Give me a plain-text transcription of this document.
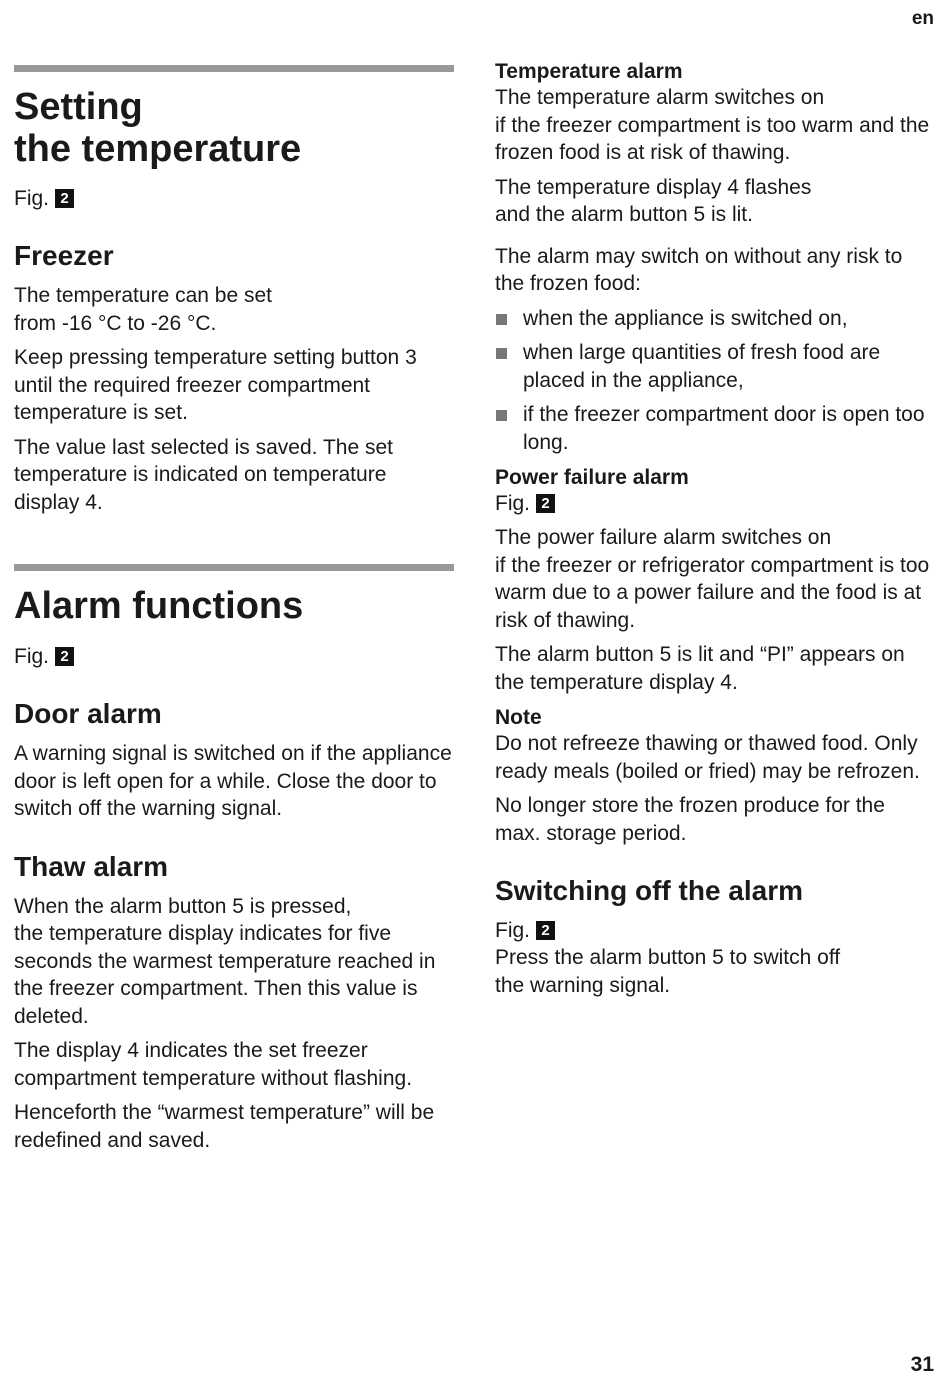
en
Setting
the temperature
Fig. 2
Freezer

The temperature can be set
from -16 °C to -26 °C.

Keep pressing temperature setting button 3 until the required freezer compartment temperature is set.

The value last selected is saved. The set temperature is indicated on temperature display 4.

Alarm functions
Fig. 2
Door alarm

A warning signal is switched on if the appliance door is left open for a while. Close the door to switch off the warning signal.

Thaw alarm

When the alarm button 5 is pressed,
the temperature display indicates for five seconds the warmest temperature reached in the freezer compartment. Then this value is deleted.

The display 4 indicates the set freezer compartment temperature without flashing.

Henceforth the “warmest temperature” will be redefined and saved.

Temperature alarm

The temperature alarm switches on
if the freezer compartment is too warm and the frozen food is at risk of thawing.

The temperature display 4 flashes
and the alarm button 5 is lit.

The alarm may switch on without any risk to the frozen food:

when the appliance is switched on,
when large quantities of fresh food are placed in the appliance,
if the freezer compartment door is open too long.
Power failure alarm
Fig. 2

The power failure alarm switches on
if the freezer or refrigerator compartment is too warm due to a power failure and the food is at risk of thawing.

The alarm button 5 is lit and “PI” appears on the temperature display 4.

Note

Do not refreeze thawing or thawed food. Only ready meals (boiled or fried) may be refrozen.

No longer store the frozen produce for the max. storage period.

Switching off the alarm
Fig. 2

Press the alarm button 5 to switch off
the warning signal.

31
